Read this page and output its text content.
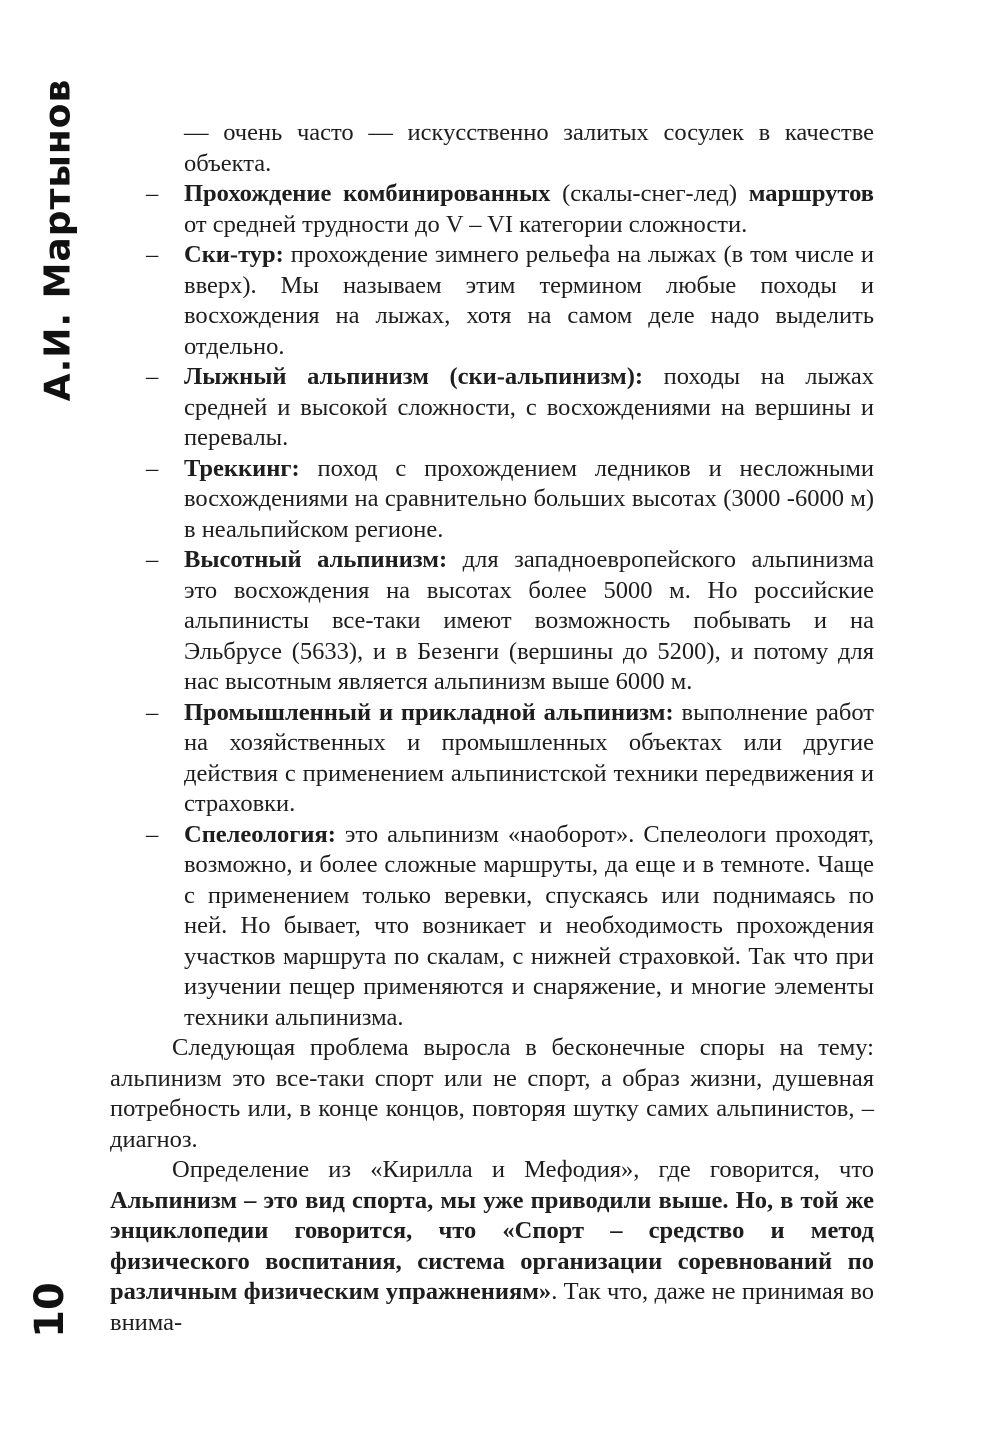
А.И. Мартынов
10

— очень часто — искусственно залитых сосулек в качестве объекта.

– Прохождение комбинированных (скалы-снег-лед) маршрутов от средней трудности до V – VI категории сложности.

– Ски-тур: прохождение зимнего рельефа на лыжах (в том числе и вверх). Мы называем этим термином любые походы и восхождения на лыжах, хотя на самом деле надо выделить отдельно.

– Лыжный альпинизм (ски-альпинизм): походы на лыжах средней и высокой сложности, с восхождениями на вершины и перевалы.

– Треккинг: поход с прохождением ледников и несложными восхождениями на сравнительно больших высотах (3000 -6000 м) в неальпийском регионе.

– Высотный альпинизм: для западноевропейского альпинизма это восхождения на высотах более 5000 м. Но российские альпинисты все-таки имеют возможность побывать и на Эльбрусе (5633), и в Безенги (вершины до 5200), и потому для нас высотным является альпинизм выше 6000 м.

– Промышленный и прикладной альпинизм: выполнение работ на хозяйственных и промышленных объектах или другие действия с применением альпинистской техники передвижения и страховки.

– Спелеология: это альпинизм «наоборот». Спелеологи проходят, возможно, и более сложные маршруты, да еще и в темноте. Чаще с применением только веревки, спускаясь или поднимаясь по ней. Но бывает, что возникает и необходимость прохождения участков маршрута по скалам, с нижней страховкой. Так что при изучении пещер применяются и снаряжение, и многие элементы техники альпинизма.

Следующая проблема выросла в бесконечные споры на тему: альпинизм это все-таки спорт или не спорт, а образ жизни, душевная потребность или, в конце концов, повторяя шутку самих альпинистов, – диагноз.

Определение из «Кирилла и Мефодия», где говорится, что Альпинизм – это вид спорта, мы уже приводили выше. Но, в той же энциклопедии говорится, что «Спорт – средство и метод физического воспитания, система организации соревнований по различным физическим упражнениям». Так что, даже не принимая во внима-
